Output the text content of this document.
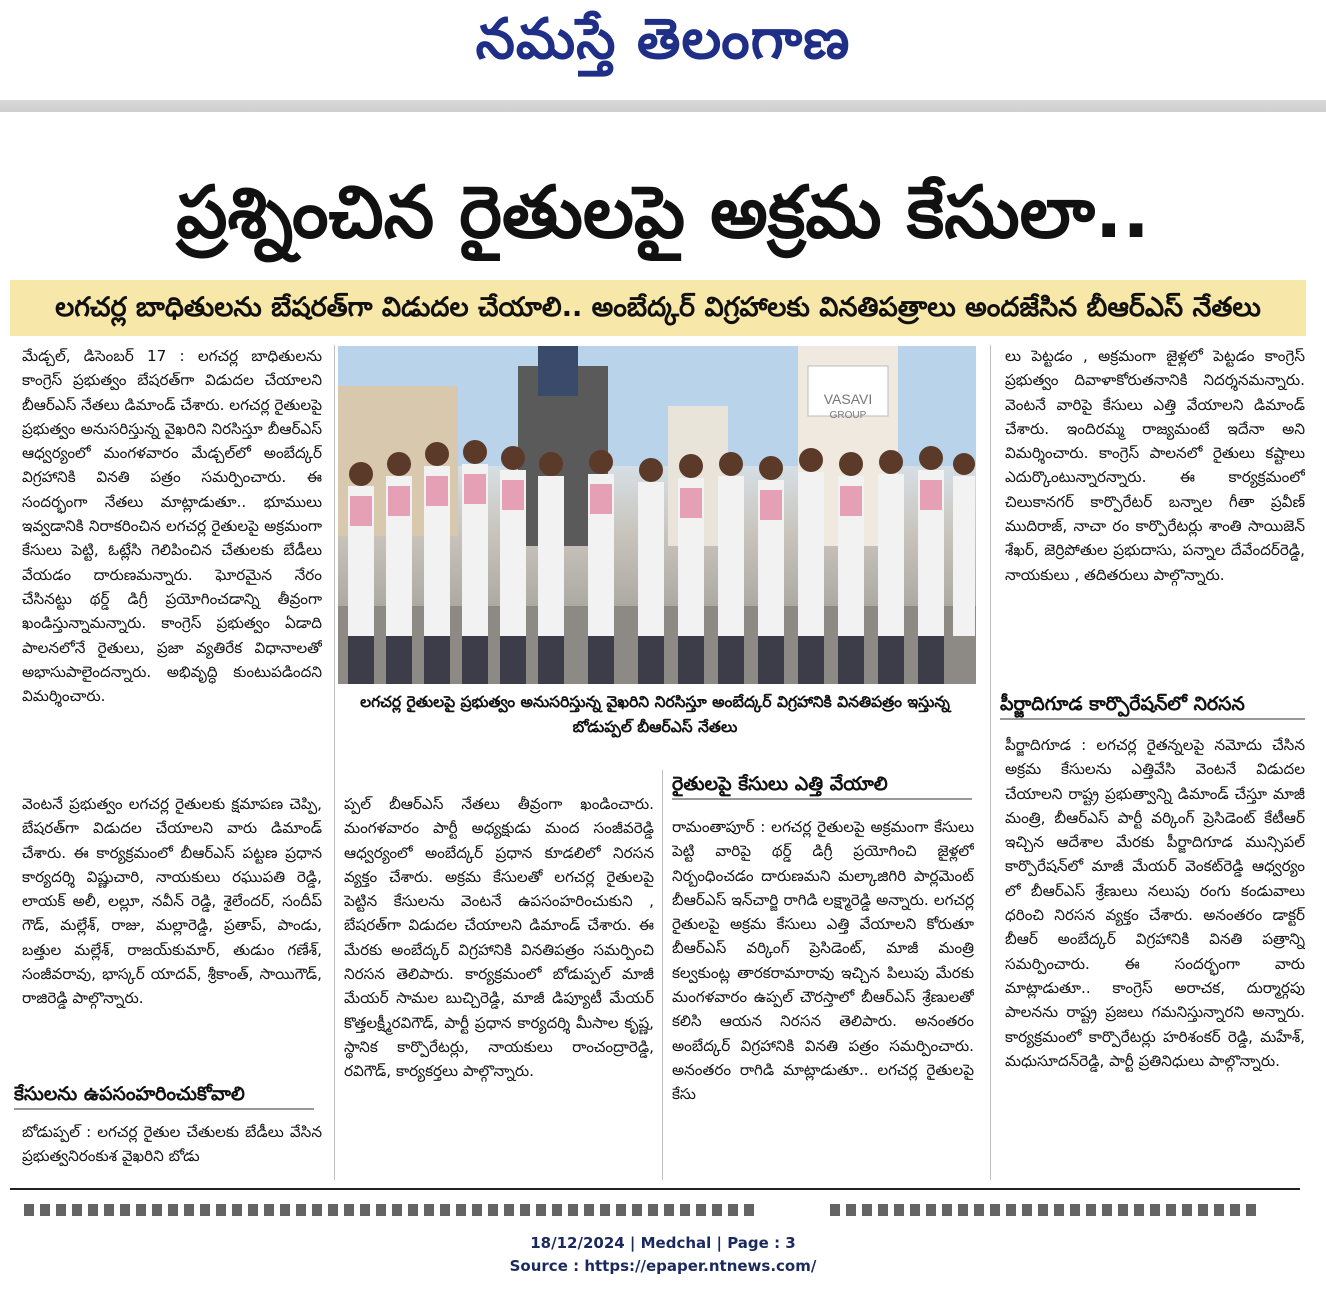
నమస్తే తెలంగాణ
ప్రశ్నించిన రైతులపై అక్రమ కేసులా..
లగచర్ల బాధితులను బేషరత్‌గా విడుదల చేయాలి.. అంబేద్కర్ విగ్రహాలకు వినతిపత్రాలు అందజేసిన బీఆర్ఎస్ నేతలు

మేడ్చల్, డిసెంబర్ 17 : లగచర్ల బాధితులను కాంగ్రెస్ ప్రభుత్వం బేషరత్‌గా విడుదల చేయాలని బీఆర్ఎస్ నేతలు డిమాండ్ చేశారు. లగచర్ల రైతులపై ప్రభుత్వం అనుసరిస్తున్న వైఖరిని నిరసిస్తూ బీఆర్ఎస్ ఆధ్వర్యంలో మంగళవారం మేడ్చల్‌లో అంబేద్కర్ విగ్రహానికి వినతి పత్రం సమర్పించారు. ఈ సందర్భంగా నేతలు మాట్లాడుతూ.. భూములు ఇవ్వడానికి నిరాకరించిన లగచర్ల రైతులపై అక్రమంగా కేసులు పెట్టి, ఓట్లేసి గెలిపించిన చేతులకు బేడీలు వేయడం దారుణమన్నారు. ఘోరమైన నేరం చేసినట్టు థర్డ్ డిగ్రీ ప్రయోగించడాన్ని తీవ్రంగా ఖండిస్తున్నామన్నారు. కాంగ్రెస్ ప్రభుత్వం ఏడాది పాలనలోనే రైతులు, ప్రజా వ్యతిరేక విధానాలతో అభాసుపాలైందన్నారు. అభివృద్ధి కుంటుపడిందని విమర్శించారు.

వెంటనే ప్రభుత్వం లగచర్ల రైతులకు క్షమాపణ చెప్పి, బేషరత్‌గా విడుదల చేయాలని వారు డిమాండ్ చేశారు. ఈ కార్యక్రమంలో బీఆర్ఎస్ పట్టణ ప్రధాన కార్యదర్శి విష్ణుచారి, నాయకులు రఘుపతి రెడ్డి, లాయక్ అలీ, లల్లూ, నవీన్ రెడ్డి, శైలేందర్, సందీప్ గౌడ్, మల్లేశ్, రాజు, మల్లారెడ్డి, ప్రతాప్, పాండు, బత్తుల మల్లేశ్, రాజయ్‌కుమార్, తుడుం గణేశ్, సంజీవరావు, భాస్కర్ యాదవ్, శ్రీకాంత్, సాయిగౌడ్, రాజిరెడ్డి పాల్గొన్నారు.

కేసులను ఉపసంహరించుకోవాలి

బోడుప్పల్ : లగచర్ల రైతుల చేతులకు బేడీలు వేసిన ప్రభుత్వనిరంకుశ వైఖరిని బోడు

VASAVI
GROUP
లగచర్ల రైతులపై ప్రభుత్వం అనుసరిస్తున్న వైఖరిని నిరసిస్తూ అంబేద్కర్ విగ్రహానికి వినతిపత్రం ఇస్తున్న బోడుప్పల్ బీఆర్ఎస్ నేతలు

ప్పల్ బీఆర్ఎస్ నేతలు తీవ్రంగా ఖండించారు. మంగళవారం పార్టీ అధ్యక్షుడు మంద సంజీవరెడ్డి ఆధ్వర్యంలో అంబేద్కర్ ప్రధాన కూడలిలో నిరసన వ్యక్తం చేశారు. అక్రమ కేసులతో లగచర్ల రైతులపై పెట్టిన కేసులను వెంటనే ఉపసంహరించుకుని , బేషరత్‌గా విడుదల చేయాలని డిమాండ్ చేశారు. ఈ మేరకు అంబేద్కర్ విగ్రహానికి వినతిపత్రం సమర్పించి నిరసన తెలిపారు. కార్యక్రమంలో బోడుప్పల్ మాజీ మేయర్ సామల బుచ్చిరెడ్డి, మాజీ డిప్యూటీ మేయర్ కొత్తలక్ష్మీరవిగౌడ్, పార్టీ ప్రధాన కార్యదర్శి మీసాల కృష్ణ, స్థానిక కార్పొరేటర్లు, నాయకులు రాంచంద్రారెడ్డి, రవిగౌడ్, కార్యకర్తలు పాల్గొన్నారు.

రైతులపై కేసులు ఎత్తి వేయాలి

రామంతాపూర్ : లగచర్ల రైతులపై అక్రమంగా కేసులు పెట్టి వారిపై థర్డ్ డిగ్రీ ప్రయోగించి జైళ్లలో నిర్బంధించడం దారుణమని మల్కాజిగిరి పార్లమెంట్ బీఆర్ఎస్ ఇన్‌చార్జి రాగిడి లక్ష్మారెడ్డి అన్నారు. లగచర్ల రైతులపై అక్రమ కేసులు ఎత్తి వేయాలని కోరుతూ బీఆర్ఎస్ వర్కింగ్ ప్రెసిడెంట్, మాజీ మంత్రి కల్వకుంట్ల తారకరామారావు ఇచ్చిన పిలుపు మేరకు మంగళవారం ఉప్పల్ చౌరస్తాలో బీఆర్ఎస్ శ్రేణులతో కలిసి ఆయన నిరసన తెలిపారు. అనంతరం అంబేద్కర్ విగ్రహానికి వినతి పత్రం సమర్పించారు. అనంతరం రాగిడి మాట్లాడుతూ.. లగచర్ల రైతులపై కేసు

లు పెట్టడం , అక్రమంగా జైళ్లలో పెట్టడం కాంగ్రెస్ ప్రభుత్వం దివాళాకోరుతనానికి నిదర్శనమన్నారు. వెంటనే వారిపై కేసులు ఎత్తి వేయాలని డిమాండ్ చేశారు. ఇందిరమ్మ రాజ్యమంటే ఇదేనా అని విమర్శించారు. కాంగ్రెస్ పాలనలో రైతులు కష్టాలు ఎదుర్కొంటున్నారన్నారు. ఈ కార్యక్రమంలో చిలుకానగర్ కార్పొరేటర్ బన్నాల గీతా ప్రవీణ్ ముదిరాజ్, నాచా రం కార్పొరేటర్లు శాంతి సాయిజెన్ శేఖర్, జెర్రిపోతుల ప్రభుదాసు, పన్నాల దేవేందర్‌రెడ్డి, నాయకులు , తదితరులు పాల్గొన్నారు.

పీర్జాదిగూడ కార్పొరేషన్‌లో నిరసన

పీర్జాదిగూడ : లగచర్ల రైతన్నలపై నమోదు చేసిన అక్రమ కేసులను ఎత్తివేసి వెంటనే విడుదల చేయాలని రాష్ట్ర ప్రభుత్వాన్ని డిమాండ్ చేస్తూ మాజీ మంత్రి, బీఆర్ఎస్ పార్టీ వర్కింగ్ ప్రెసిడెంట్ కేటీఆర్ ఇచ్చిన ఆదేశాల మేరకు పీర్జాదిగూడ మున్సిపల్ కార్పొరేషన్‌లో మాజీ మేయర్ వెంకట్‌రెడ్డి ఆధ్వర్యం లో బీఆర్ఎస్ శ్రేణులు నలుపు రంగు కండువాలు ధరించి నిరసన వ్యక్తం చేశారు. అనంతరం డాక్టర్ బీఆర్ అంబేద్కర్ విగ్రహానికి వినతి పత్రాన్ని సమర్పించారు. ఈ సందర్భంగా వారు మాట్లాడుతూ.. కాంగ్రెస్ అరాచక, దుర్మార్గపు పాలనను రాష్ట్ర ప్రజలు గమనిస్తున్నారని అన్నారు. కార్యక్రమంలో కార్పొరేటర్లు హరిశంకర్ రెడ్డి, మహేశ్, మధుసూదన్‌రెడ్డి, పార్టీ ప్రతినిధులు పాల్గొన్నారు.

18/12/2024 | Medchal | Page : 3
Source : https://epaper.ntnews.com/
